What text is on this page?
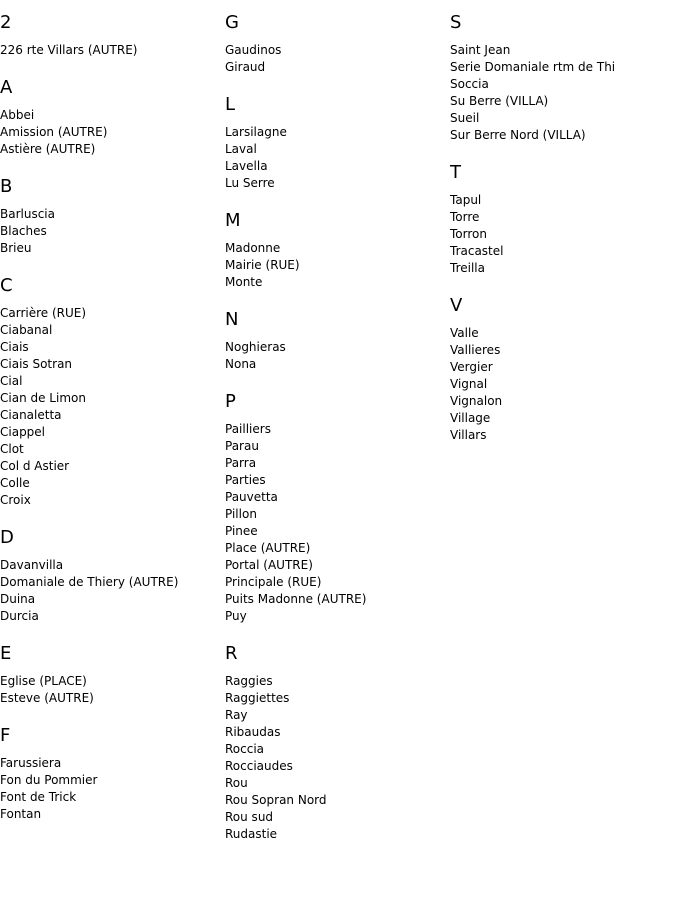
2
226 rte Villars (AUTRE)
A
Abbei
Amission (AUTRE)
Astière (AUTRE)
B
Barluscia
Blaches
Brieu
C
Carrière (RUE)
Ciabanal
Ciais
Ciais Sotran
Cial
Cian de Limon
Cianaletta
Ciappel
Clot
Col d Astier
Colle
Croix
D
Davanvilla
Domaniale de Thiery (AUTRE)
Duina
Durcia
E
Eglise (PLACE)
Esteve (AUTRE)
F
Farussiera
Fon du Pommier
Font de Trick
Fontan
G
Gaudinos
Giraud
L
Larsilagne
Laval
Lavella
Lu Serre
M
Madonne
Mairie (RUE)
Monte
N
Noghieras
Nona
P
Pailliers
Parau
Parra
Parties
Pauvetta
Pillon
Pinee
Place (AUTRE)
Portal (AUTRE)
Principale (RUE)
Puits Madonne (AUTRE)
Puy
R
Raggies
Raggiettes
Ray
Ribaudas
Roccia
Rocciaudes
Rou
Rou Sopran Nord
Rou sud
Rudastie
S
Saint Jean
Serie Domaniale rtm de Thi
Soccia
Su Berre (VILLA)
Sueil
Sur Berre Nord (VILLA)
T
Tapul
Torre
Torron
Tracastel
Treilla
V
Valle
Vallieres
Vergier
Vignal
Vignalon
Village
Villars
